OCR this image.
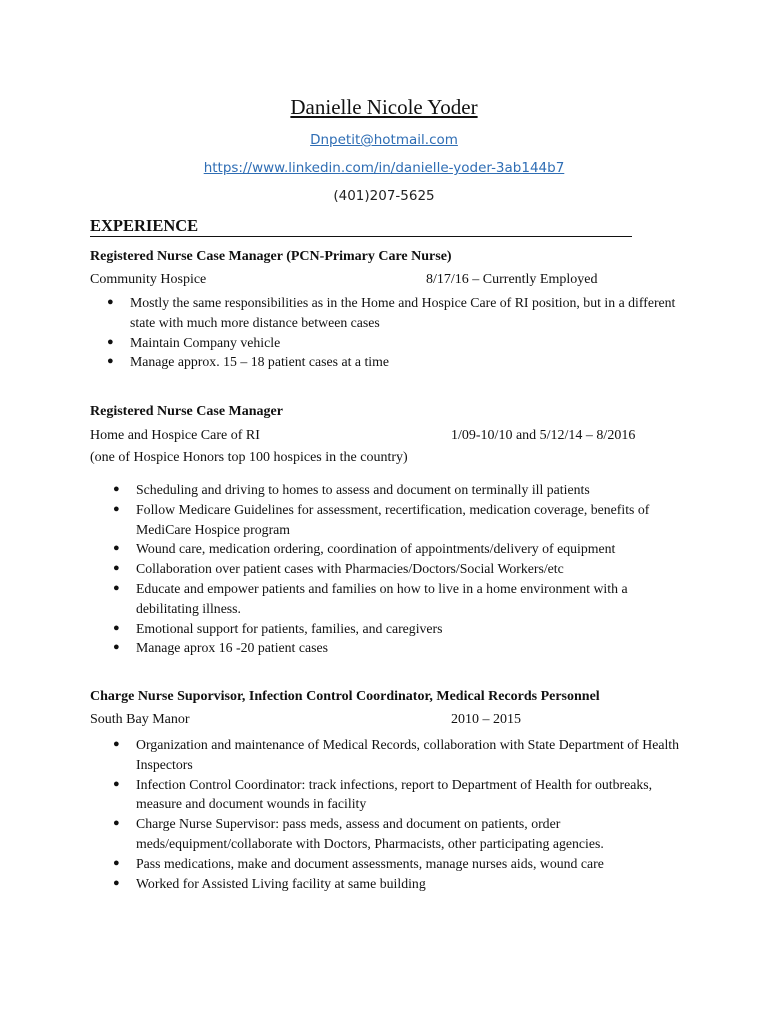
Danielle Nicole Yoder
Dnpetit@hotmail.com
https://www.linkedin.com/in/danielle-yoder-3ab144b7
(401)207-5625
EXPERIENCE
Registered Nurse Case Manager (PCN-Primary Care Nurse)
Community Hospice	8/17/16 – Currently Employed
● Mostly the same responsibilities as in the Home and Hospice Care of RI position, but in a different state with much more distance between cases
● Maintain Company vehicle
● Manage approx. 15 – 18 patient cases at a time
Registered Nurse Case Manager
Home and Hospice Care of RI	1/09-10/10 and 5/12/14 – 8/2016
(one of Hospice Honors top 100 hospices in the country)
● Scheduling and driving to homes to assess and document on terminally ill patients
● Follow Medicare Guidelines for assessment, recertification, medication coverage, benefits of MediCare Hospice program
● Wound care, medication ordering, coordination of appointments/delivery of equipment
● Collaboration over patient cases with Pharmacies/Doctors/Social Workers/etc
● Educate and empower patients and families on how to live in a home environment with a debilitating illness.
● Emotional support for patients, families, and caregivers
● Manage aprox 16 -20 patient cases
Charge Nurse Suporvisor, Infection Control Coordinator, Medical Records Personnel
South Bay Manor	2010 – 2015
● Organization and maintenance of Medical Records, collaboration with State Department of Health Inspectors
● Infection Control Coordinator: track infections, report to Department of Health for outbreaks, measure and document wounds in facility
● Charge Nurse Supervisor: pass meds, assess and document on patients, order meds/equipment/collaborate with Doctors, Pharmacists, other participating agencies.
● Pass medications, make and document assessments, manage nurses aids, wound care
● Worked for Assisted Living facility at same building
